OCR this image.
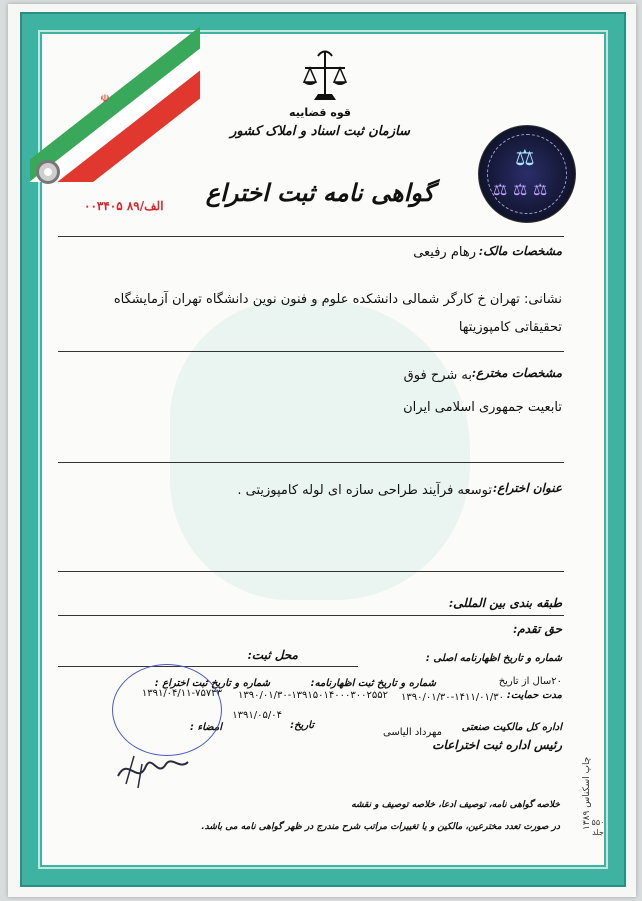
☫
قوه قضاییه
سازمان ثبت اسناد و املاک کشور
گواهی نامه ثبت اختراع
الف/۸۹ ۰۰۳۴۰۵
⚖
⚖ ⚖ ⚖
مشخصات مالک:
رهام رفیعی
نشانی: تهران خ کارگر شمالی دانشکده علوم و فنون نوین دانشگاه تهران آزمایشگاه
تحقیقاتی کامپوزیتها
مشخصات مخترع:
به شرح فوق
تابعیت جمهوری اسلامی ایران
عنوان اختراع:
توسعه فرآیند طراحی سازه ای لوله کامپوزیتی .
طبقه بندی بین المللی:
حق تقدم:
شماره و تاریخ اظهارنامه اصلی :
محل ثبت:
۲۰سال از تاریخ
مدت حمایت:
۱۳۹۰/۰۱/۳۰-۱۴۱۱/۰۱/۳۰
شماره و تاریخ ثبت اظهارنامه:
۱۳۹۰/۰۱/۳۰-۱۳۹۱۵۰۱۴۰۰۰۳۰۰۲۵۵۲
شماره و تاریخ ثبت اختراع :
۱۳۹۱/۰۴/۱۱-۷۵۷۳۳
تاریخ:
۱۳۹۱/۰۵/۰۴
امضاء :	اداره کل مالکیت صنعتی
مهرداد الیاسی
رئیس اداره ثبت اختراعات
خلاصه گواهی نامه، توصیف ادعا، خلاصه توصیف و نقشه
در صورت تعدد مخترعین، مالکین و یا تغییرات مراتب شرح مندرج در ظهر گواهی نامه می باشد. چاپ اسکناس ۱۳۸۹
۵۵۰
جلد
